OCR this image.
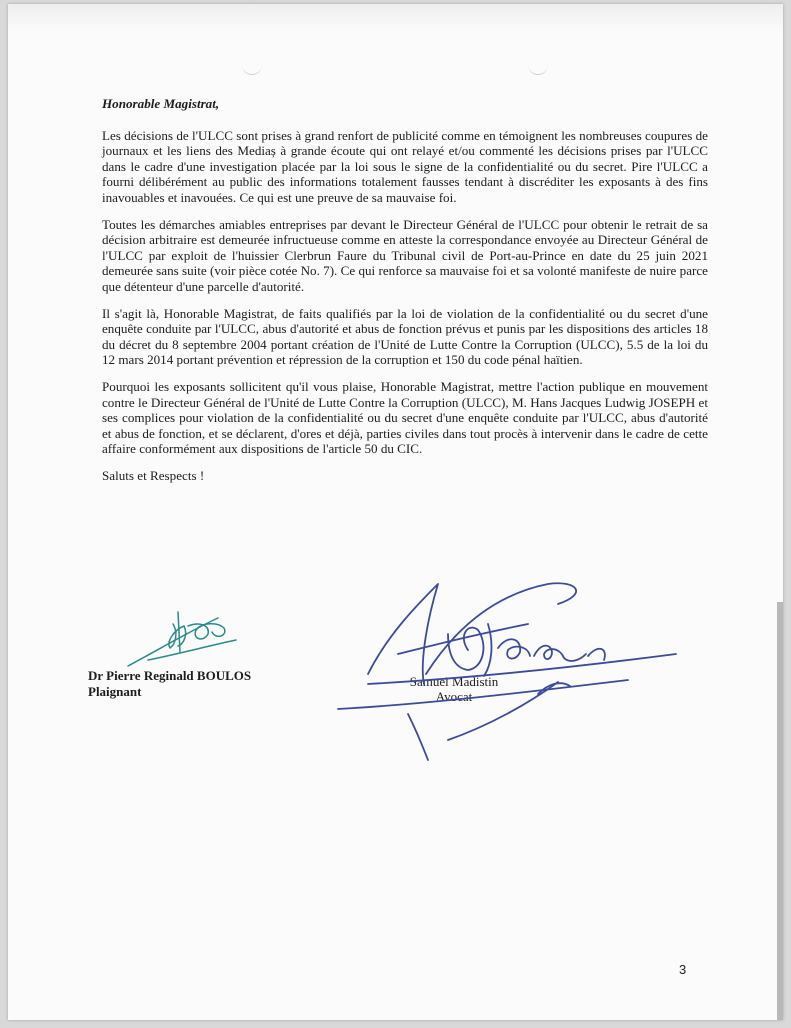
Honorable Magistrat,

Les décisions de l'ULCC sont prises à grand renfort de publicité comme en témoignent les nombreuses coupures de journaux et les liens des Mediaș à grande écoute qui ont relayé et/ou commenté les décisions prises par l'ULCC dans le cadre d'une investigation placée par la loi sous le signe de la confidentialité ou du secret. Pire l'ULCC a fourni délibérément au public des informations totalement fausses tendant à discréditer les exposants à des fins inavouables et inavouées. Ce qui est une preuve de sa mauvaise foi.

Toutes les démarches amiables entreprises par devant le Directeur Général de l'ULCC pour obtenir le retrait de sa décision arbitraire est demeurée infructueuse comme en atteste la correspondance envoyée au Directeur Général de l'ULCC par exploit de l'huissier Clerbrun Faure du Tribunal civil de Port-au-Prince en date du 25 juin 2021 demeurée sans suite (voir pièce cotée No. 7). Ce qui renforce sa mauvaise foi et sa volonté manifeste de nuire parce que détenteur d'une parcelle d'autorité.

Il s'agit là, Honorable Magistrat, de faits qualifiés par la loi de violation de la confidentialité ou du secret d'une enquête conduite par l'ULCC, abus d'autorité et abus de fonction prévus et punis par les dispositions des articles 18 du décret du 8 septembre 2004 portant création de l'Unité de Lutte Contre la Corruption (ULCC), 5.5 de la loi du 12 mars 2014 portant prévention et répression de la corruption et 150 du code pénal haïtien.

Pourquoi les exposants sollicitent qu'il vous plaise, Honorable Magistrat, mettre l'action publique en mouvement contre le Directeur Général de l'Unité de Lutte Contre la Corruption (ULCC), M. Hans Jacques Ludwig JOSEPH et ses complices pour violation de la confidentialité ou du secret d'une enquête conduite par l'ULCC, abus d'autorité et abus de fonction, et se déclarent, d'ores et déjà, parties civiles dans tout procès à intervenir dans le cadre de cette affaire conformément aux dispositions de l'article 50 du CIC.

Saluts et Respects !

Dr Pierre Reginald BOULOS
Plaignant
Samuel Madistin
Avocat
3
